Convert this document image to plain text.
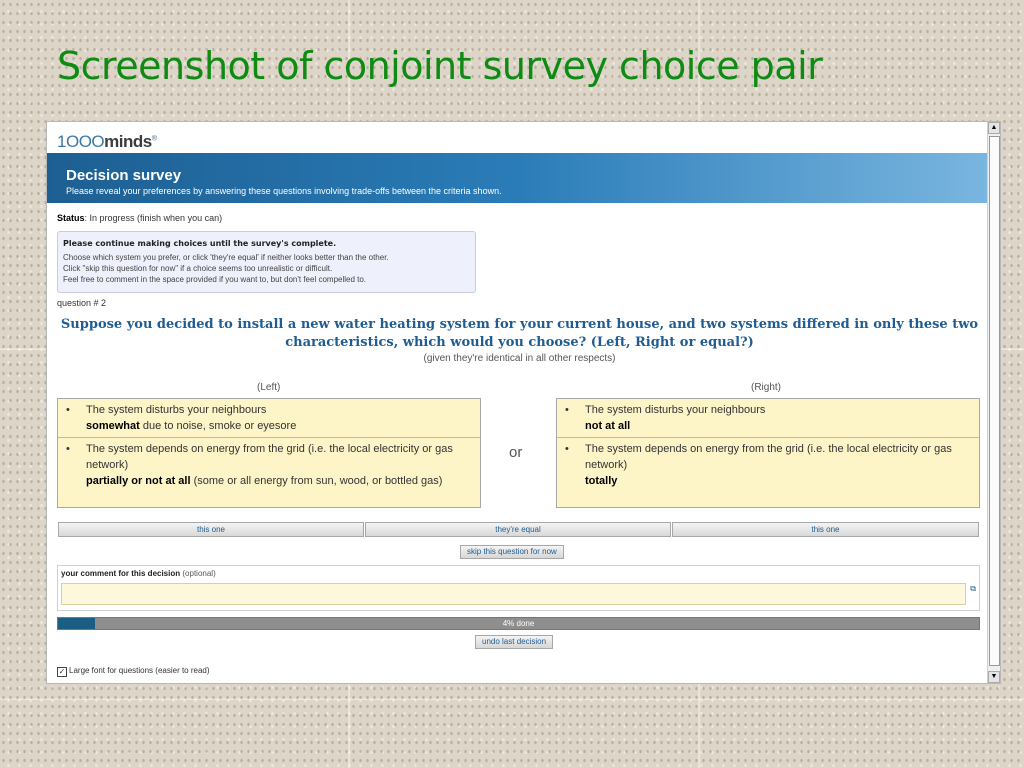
Screenshot of conjoint survey choice pair
1OOOminds®
Decision survey
Please reveal your preferences by answering these questions involving trade-offs between the criteria shown.
Status: In progress (finish when you can)
Please continue making choices until the survey's complete.
Choose which system you prefer, or click 'they're equal' if neither looks better than the other.
Click "skip this question for now" if a choice seems too unrealistic or difficult.
Feel free to comment in the space provided if you want to, but don't feel compelled to.
question # 2
Suppose you decided to install a new water heating system for your current house, and two systems differed in only these two characteristics, which would you choose? (Left, Right or equal?)
(given they're identical in all other respects)
(Left)	(Right)
• The system disturbs your neighbours
somewhat due to noise, smoke or eyesore
• The system depends on energy from the grid (i.e. the local electricity or gas network)
partially or not at all (some or all energy from sun, wood, or bottled gas)
or
• The system disturbs your neighbours
not at all
• The system depends on energy from the grid (i.e. the local electricity or gas network)
totally
this one	they're equal	this one
skip this question for now
your comment for this decision (optional)
⧉
4% done
undo last decision
✓ Large font for questions (easier to read)
▲
▼
